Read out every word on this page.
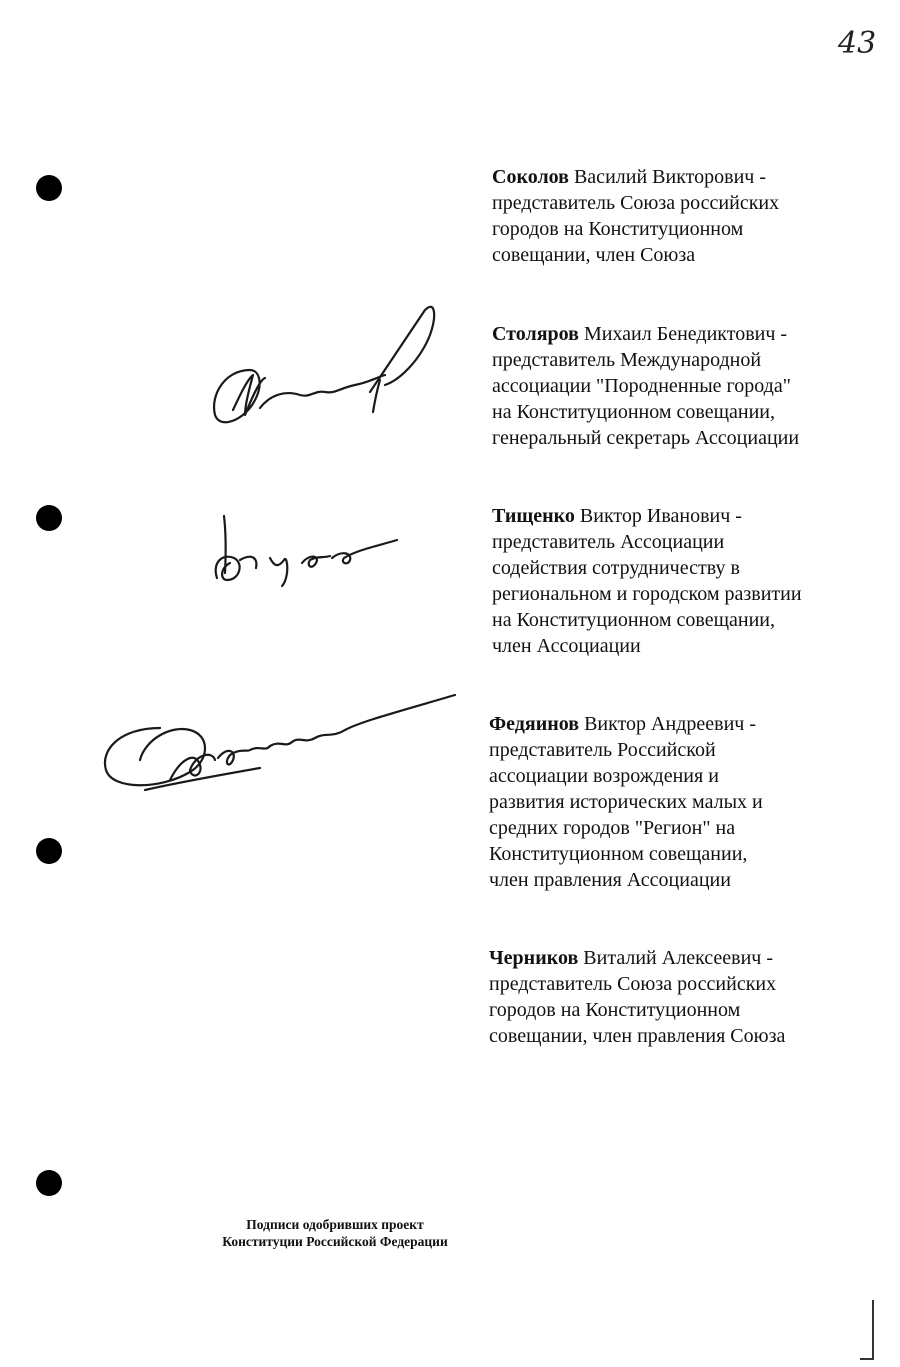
43
Соколов Василий Викторович -
представитель Союза российских
городов на Конституционном
совещании, член Союза
Столяров Михаил Бенедиктович -
представитель Международной
ассоциации "Породненные города"
на Конституционном совещании,
генеральный секретарь Ассоциации
Тищенко Виктор Иванович -
представитель Ассоциации
содействия сотрудничеству в
региональном и городском развитии
на Конституционном совещании,
член Ассоциации
Федяинов Виктор Андреевич -
представитель Российской
ассоциации возрождения и
развития исторических малых и
средних городов "Регион" на
Конституционном совещании,
член правления Ассоциации
Черников Виталий Алексеевич -
представитель Союза российских
городов на Конституционном
совещании, член правления Союза
Подписи одобривших проект
Конституции Российской Федерации
